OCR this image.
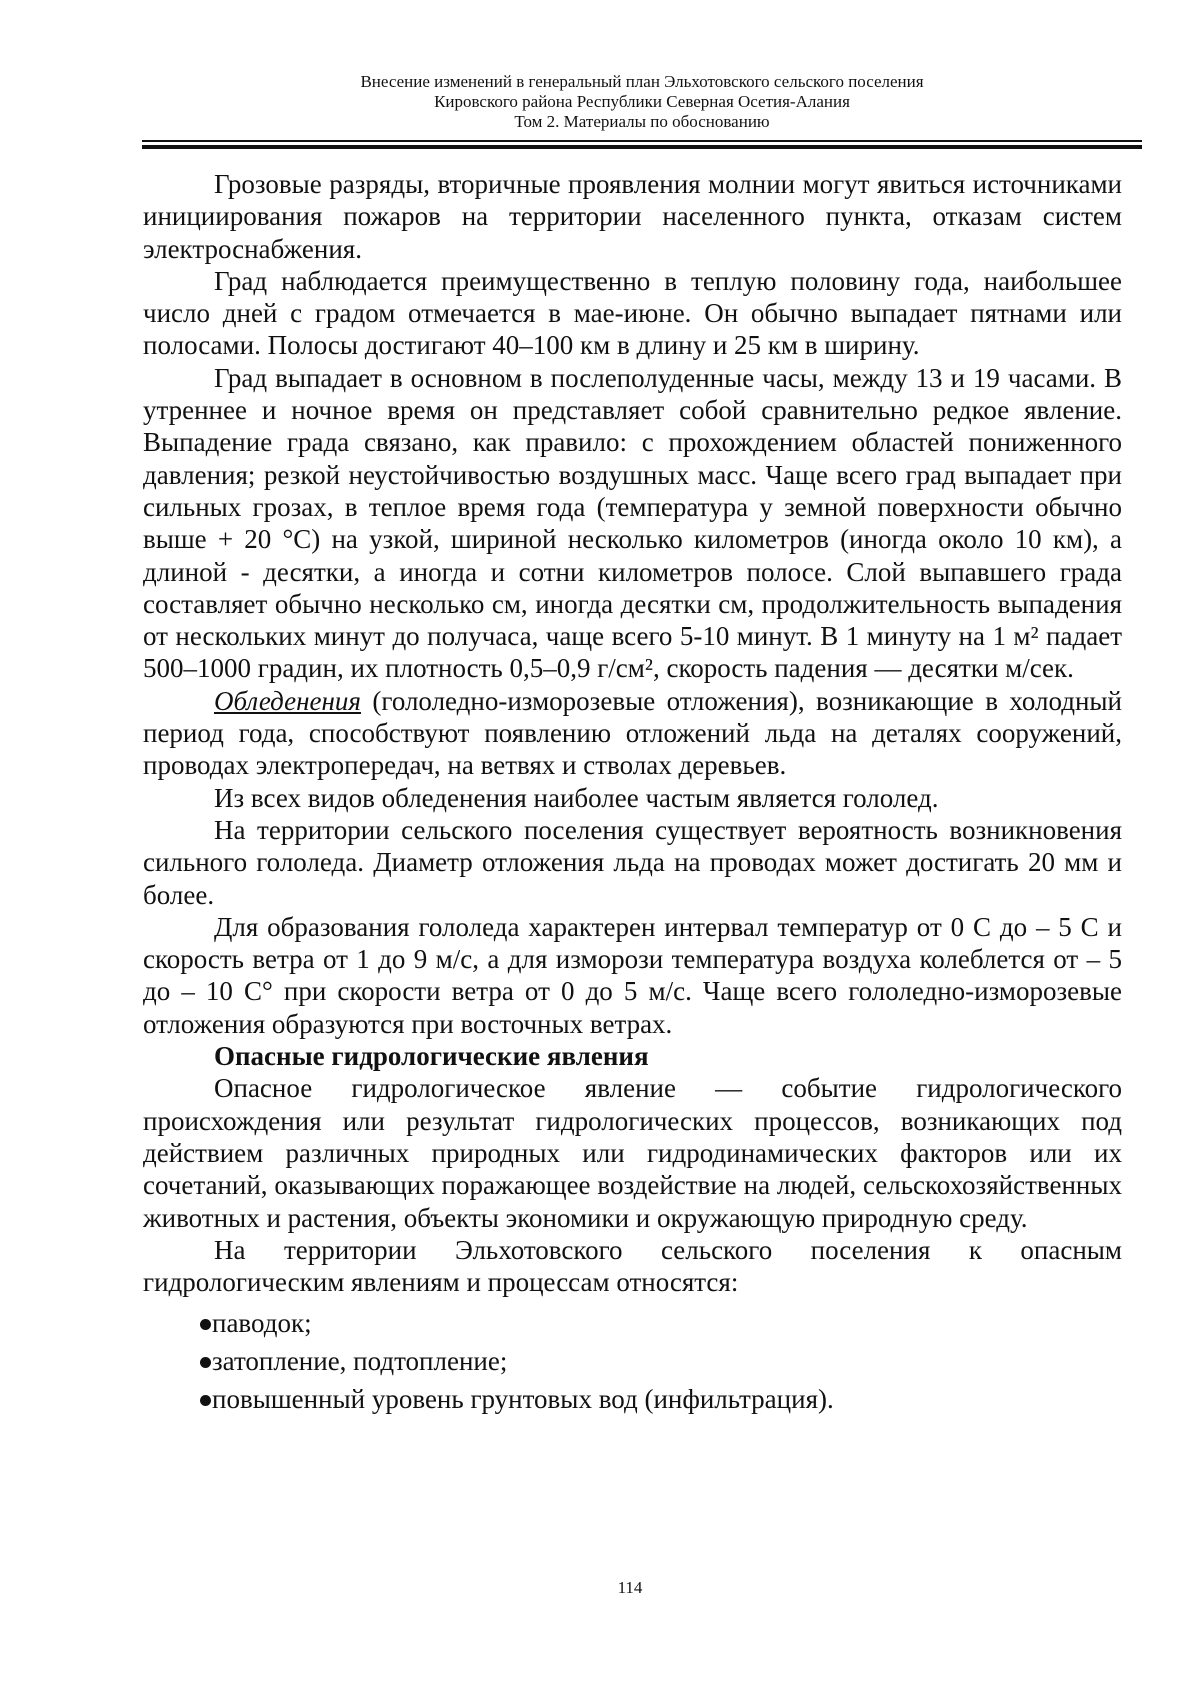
Внесение изменений в генеральный план Эльхотовского сельского поселения
Кировского района Республики Северная Осетия-Алания
Том 2. Материалы по обоснованию

Грозовые разряды, вторичные проявления молнии могут явиться источниками инициирования пожаров на территории населенного пункта, отказам систем электроснабжения.

Град наблюдается преимущественно в теплую половину года, наибольшее число дней с градом отмечается в мае-июне. Он обычно выпадает пятнами или полосами. Полосы достигают 40–100 км в длину и 25 км в ширину.

Град выпадает в основном в послеполуденные часы, между 13 и 19 часами. В утреннее и ночное время он представляет собой сравнительно редкое явление. Выпадение града связано, как правило: с прохождением областей пониженного давления; резкой неустойчивостью воздушных масс. Чаще всего град выпадает при сильных грозах, в теплое время года (температура у земной поверхности обычно выше + 20 °С) на узкой, шириной несколько километров (иногда около 10 км), а длиной - десятки, а иногда и сотни километров полосе. Слой выпавшего града составляет обычно несколько см, иногда десятки см, продолжительность выпадения от нескольких минут до получаса, чаще всего 5-10 минут. В 1 минуту на 1 м² падает 500–1000 градин, их плотность 0,5–0,9 г/см², скорость падения — десятки м/сек.

Обледенения (гололедно-изморозевые отложения), возникающие в холодный период года, способствуют появлению отложений льда на деталях сооружений, проводах электропередач, на ветвях и стволах деревьев.

Из всех видов обледенения наиболее частым является гололед.

На территории сельского поселения существует вероятность возникновения сильного гололеда. Диаметр отложения льда на проводах может достигать 20 мм и более.

Для образования гололеда характерен интервал температур от 0 С до – 5 С и скорость ветра от 1 до 9 м/с, а для изморози температура воздуха колеблется от – 5 до – 10 С° при скорости ветра от 0 до 5 м/с. Чаще всего гололедно-изморозевые отложения образуются при восточных ветрах.

Опасные гидрологические явления

Опасное гидрологическое явление — событие гидрологического происхождения или результат гидрологических процессов, возникающих под действием различных природных или гидродинамических факторов или их сочетаний, оказывающих поражающее воздействие на людей, сельскохозяйственных животных и растения, объекты экономики и окружающую природную среду.

На территории Эльхотовского сельского поселения к опасным гидрологическим явлениям и процессам относятся:

паводок;
затопление, подтопление;
повышенный уровень грунтовых вод (инфильтрация).
114
